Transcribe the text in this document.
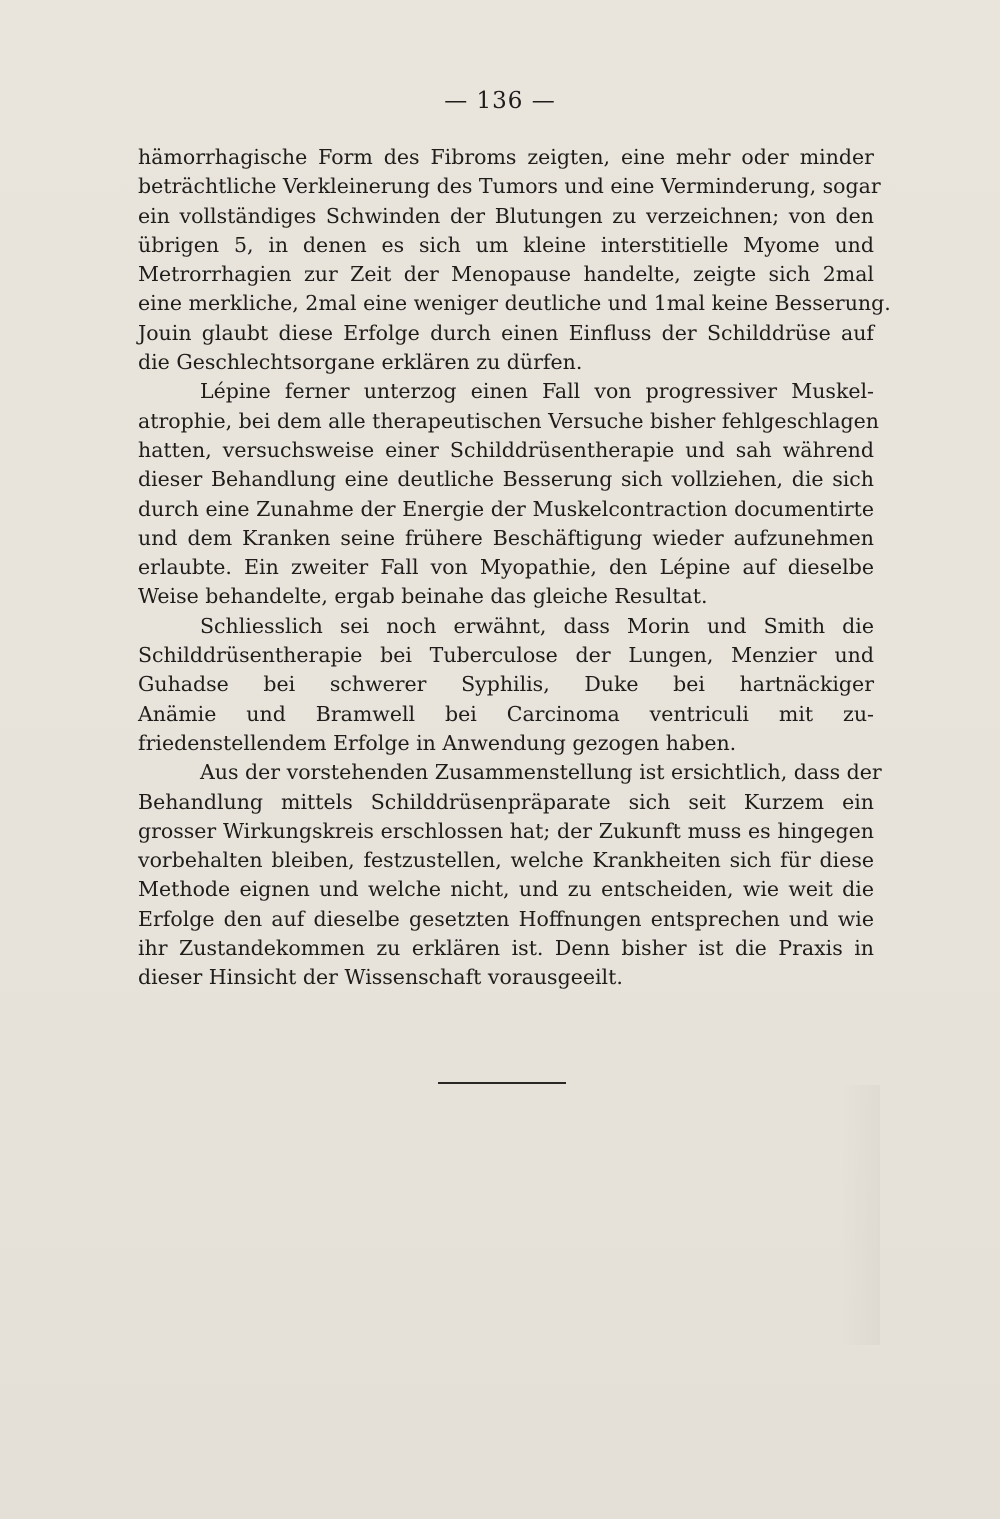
— 136 —
hämorrhagische Form des Fibroms zeigten, eine mehr oder minder
beträchtliche Verkleinerung des Tumors und eine Verminderung, sogar
ein vollständiges Schwinden der Blutungen zu verzeichnen; von den
übrigen 5, in denen es sich um kleine interstitielle Myome und
Metrorrhagien zur Zeit der Menopause handelte, zeigte sich 2mal
eine merkliche, 2mal eine weniger deutliche und 1mal keine Besserung.
Jouin glaubt diese Erfolge durch einen Einfluss der Schilddrüse auf
die Geschlechtsorgane erklären zu dürfen.
Lépine ferner unterzog einen Fall von progressiver Muskel-
atrophie, bei dem alle therapeutischen Versuche bisher fehlgeschlagen
hatten, versuchsweise einer Schilddrüsentherapie und sah während
dieser Behandlung eine deutliche Besserung sich vollziehen, die sich
durch eine Zunahme der Energie der Muskelcontraction documentirte
und dem Kranken seine frühere Beschäftigung wieder aufzunehmen
erlaubte. Ein zweiter Fall von Myopathie, den Lépine auf dieselbe
Weise behandelte, ergab beinahe das gleiche Resultat.
Schliesslich sei noch erwähnt, dass Morin und Smith die
Schilddrüsentherapie bei Tuberculose der Lungen, Menzier und
Guhadse bei schwerer Syphilis, Duke bei hartnäckiger
Anämie und Bramwell bei Carcinoma ventriculi mit zu-
friedenstellendem Erfolge in Anwendung gezogen haben.
Aus der vorstehenden Zusammenstellung ist ersichtlich, dass der
Behandlung mittels Schilddrüsenpräparate sich seit Kurzem ein
grosser Wirkungskreis erschlossen hat; der Zukunft muss es hingegen
vorbehalten bleiben, festzustellen, welche Krankheiten sich für diese
Methode eignen und welche nicht, und zu entscheiden, wie weit die
Erfolge den auf dieselbe gesetzten Hoffnungen entsprechen und wie
ihr Zustandekommen zu erklären ist. Denn bisher ist die Praxis in
dieser Hinsicht der Wissenschaft vorausgeeilt.
